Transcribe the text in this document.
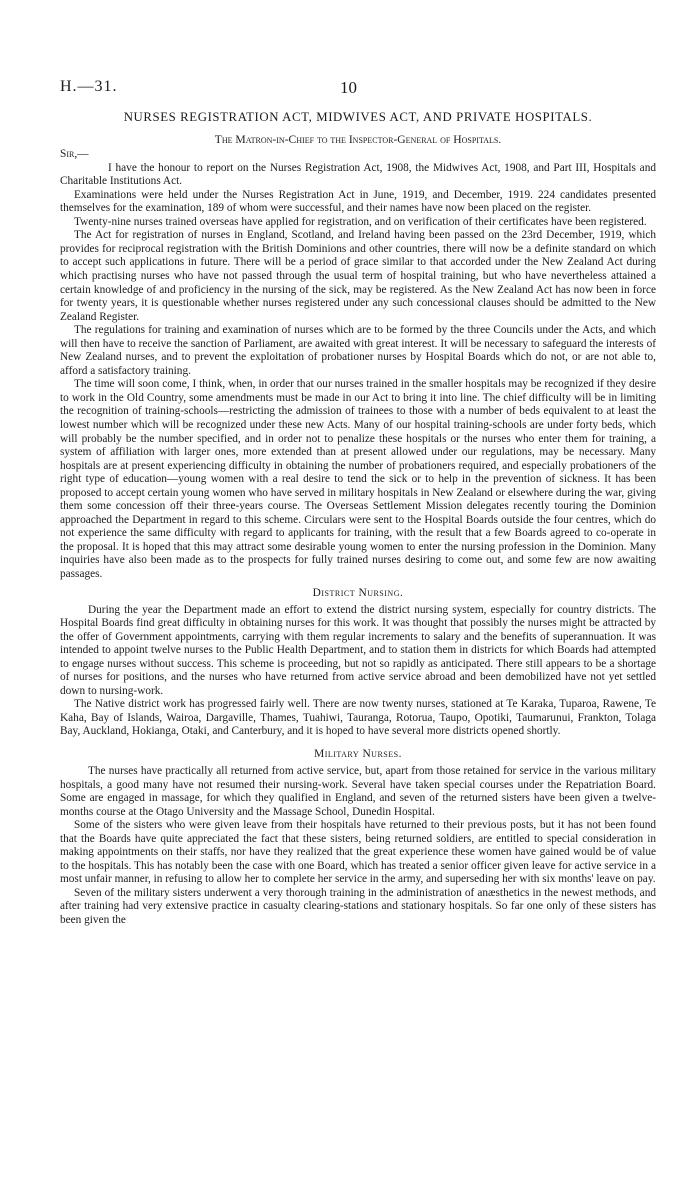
H.—31.	10
NURSES REGISTRATION ACT, MIDWIVES ACT, AND PRIVATE HOSPITALS.
The Matron-in-Chief to the Inspector-General of Hospitals.
Sir,—

I have the honour to report on the Nurses Registration Act, 1908, the Midwives Act, 1908, and Part III, Hospitals and Charitable Institutions Act.

Examinations were held under the Nurses Registration Act in June, 1919, and December, 1919. 224 candidates presented themselves for the examination, 189 of whom were successful, and their names have now been placed on the register.

Twenty-nine nurses trained overseas have applied for registration, and on verification of their certificates have been registered.

The Act for registration of nurses in England, Scotland, and Ireland having been passed on the 23rd December, 1919, which provides for reciprocal registration with the British Dominions and other countries, there will now be a definite standard on which to accept such applications in future. There will be a period of grace similar to that accorded under the New Zealand Act during which practising nurses who have not passed through the usual term of hospital training, but who have nevertheless attained a certain knowledge of and proficiency in the nursing of the sick, may be registered. As the New Zealand Act has now been in force for twenty years, it is questionable whether nurses registered under any such concessional clauses should be admitted to the New Zealand Register.

The regulations for training and examination of nurses which are to be formed by the three Councils under the Acts, and which will then have to receive the sanction of Parliament, are awaited with great interest. It will be necessary to safeguard the interests of New Zealand nurses, and to prevent the exploitation of probationer nurses by Hospital Boards which do not, or are not able to, afford a satisfactory training.

The time will soon come, I think, when, in order that our nurses trained in the smaller hospitals may be recognized if they desire to work in the Old Country, some amendments must be made in our Act to bring it into line. The chief difficulty will be in limiting the recognition of training-schools—restricting the admission of trainees to those with a number of beds equivalent to at least the lowest number which will be recognized under these new Acts. Many of our hospital training-schools are under forty beds, which will probably be the number specified, and in order not to penalize these hospitals or the nurses who enter them for training, a system of affiliation with larger ones, more extended than at present allowed under our regulations, may be necessary. Many hospitals are at present experiencing difficulty in obtaining the number of probationers required, and especially probationers of the right type of education—young women with a real desire to tend the sick or to help in the prevention of sickness. It has been proposed to accept certain young women who have served in military hospitals in New Zealand or elsewhere during the war, giving them some concession off their three-years course. The Overseas Settlement Mission delegates recently touring the Dominion approached the Department in regard to this scheme. Circulars were sent to the Hospital Boards outside the four centres, which do not experience the same difficulty with regard to applicants for training, with the result that a few Boards agreed to co-operate in the proposal. It is hoped that this may attract some desirable young women to enter the nursing profession in the Dominion. Many inquiries have also been made as to the prospects for fully trained nurses desiring to come out, and some few are now awaiting passages.

District Nursing.

During the year the Department made an effort to extend the district nursing system, especially for country districts. The Hospital Boards find great difficulty in obtaining nurses for this work. It was thought that possibly the nurses might be attracted by the offer of Government appointments, carrying with them regular increments to salary and the benefits of superannuation. It was intended to appoint twelve nurses to the Public Health Department, and to station them in districts for which Boards had attempted to engage nurses without success. This scheme is proceeding, but not so rapidly as anticipated. There still appears to be a shortage of nurses for positions, and the nurses who have returned from active service abroad and been demobilized have not yet settled down to nursing-work.

The Native district work has progressed fairly well. There are now twenty nurses, stationed at Te Karaka, Tuparoa, Rawene, Te Kaha, Bay of Islands, Wairoa, Dargaville, Thames, Tuahiwi, Tauranga, Rotorua, Taupo, Opotiki, Taumarunui, Frankton, Tolaga Bay, Auckland, Hokianga, Otaki, and Canterbury, and it is hoped to have several more districts opened shortly.

Military Nurses.

The nurses have practically all returned from active service, but, apart from those retained for service in the various military hospitals, a good many have not resumed their nursing-work. Several have taken special courses under the Repatriation Board. Some are engaged in massage, for which they qualified in England, and seven of the returned sisters have been given a twelve-months course at the Otago University and the Massage School, Dunedin Hospital.

Some of the sisters who were given leave from their hospitals have returned to their previous posts, but it has not been found that the Boards have quite appreciated the fact that these sisters, being returned soldiers, are entitled to special consideration in making appointments on their staffs, nor have they realized that the great experience these women have gained would be of value to the hospitals. This has notably been the case with one Board, which has treated a senior officer given leave for active service in a most unfair manner, in refusing to allow her to complete her service in the army, and superseding her with six months' leave on pay.

Seven of the military sisters underwent a very thorough training in the administration of anæsthetics in the newest methods, and after training had very extensive practice in casualty clearing-stations and stationary hospitals. So far one only of these sisters has been given the
